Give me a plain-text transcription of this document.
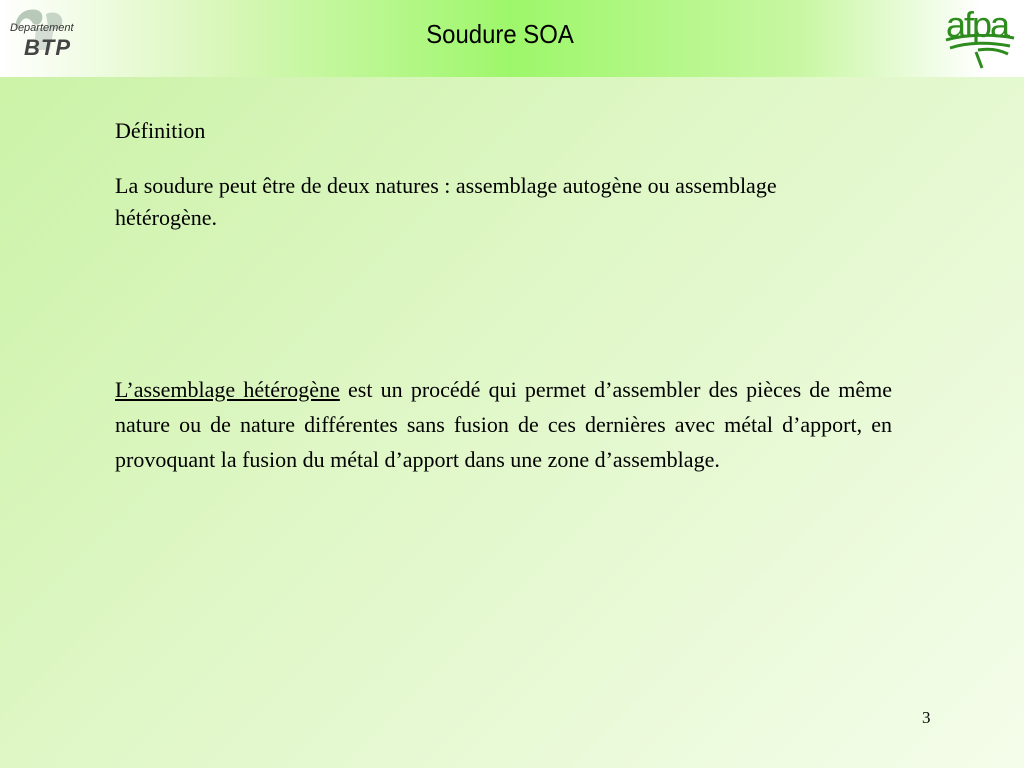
Departement
BTP	Soudure SOA	afpa
Définition
La soudure peut être de deux natures : assemblage autogène ou assemblage hétérogène.
L’assemblage hétérogène est un procédé qui permet d’assembler des pièces de même nature ou de nature différentes sans fusion de ces dernières avec métal d’apport, en provoquant la fusion du métal d’apport dans une zone d’assemblage.
3
